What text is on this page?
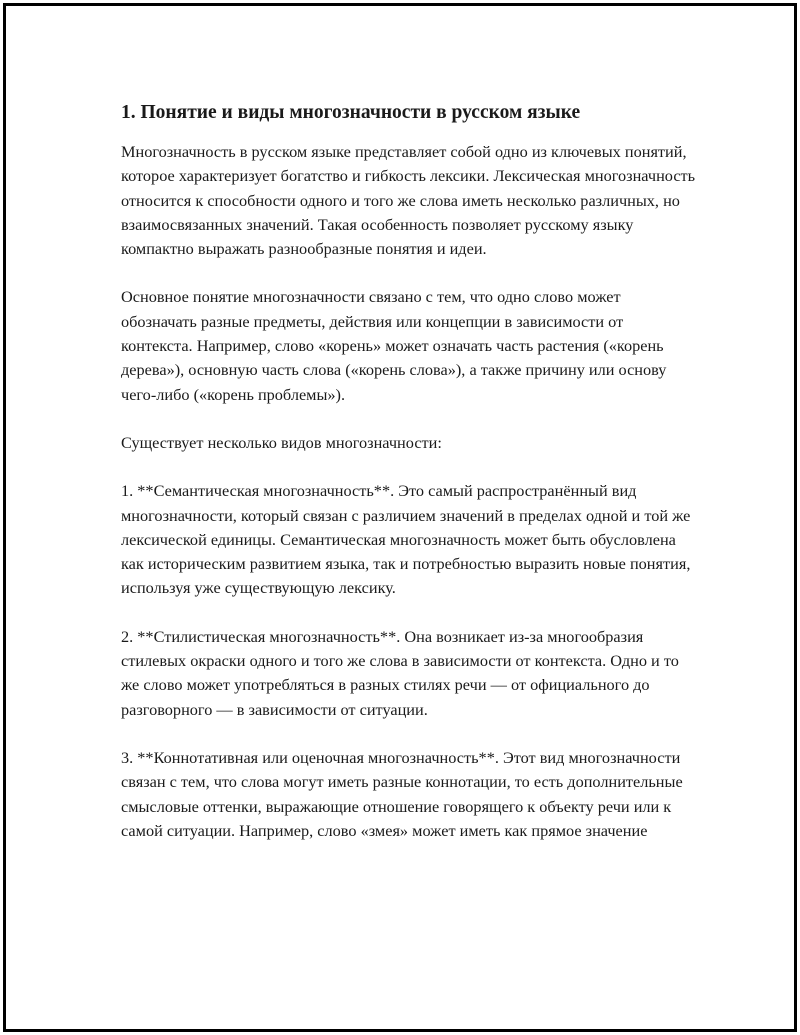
1. Понятие и виды многозначности в русском языке

Многозначность в русском языке представляет собой одно из ключевых понятий, которое характеризует богатство и гибкость лексики. Лексическая многозначность относится к способности одного и того же слова иметь несколько различных, но взаимосвязанных значений. Такая особенность позволяет русскому языку компактно выражать разнообразные понятия и идеи.

Основное понятие многозначности связано с тем, что одно слово может обозначать разные предметы, действия или концепции в зависимости от контекста. Например, слово «корень» может означать часть растения («корень дерева»), основную часть слова («корень слова»), а также причину или основу чего-либо («корень проблемы»).

Существует несколько видов многозначности:

1. **Семантическая многозначность**. Это самый распространённый вид многозначности, который связан с различием значений в пределах одной и той же лексической единицы. Семантическая многозначность может быть обусловлена как историческим развитием языка, так и потребностью выразить новые понятия, используя уже существующую лексику.

2. **Стилистическая многозначность**. Она возникает из-за многообразия стилевых окраски одного и того же слова в зависимости от контекста. Одно и то же слово может употребляться в разных стилях речи — от официального до разговорного — в зависимости от ситуации.

3. **Коннотативная или оценочная многозначность**. Этот вид многозначности связан с тем, что слова могут иметь разные коннотации, то есть дополнительные смысловые оттенки, выражающие отношение говорящего к объекту речи или к самой ситуации. Например, слово «змея» может иметь как прямое значение
